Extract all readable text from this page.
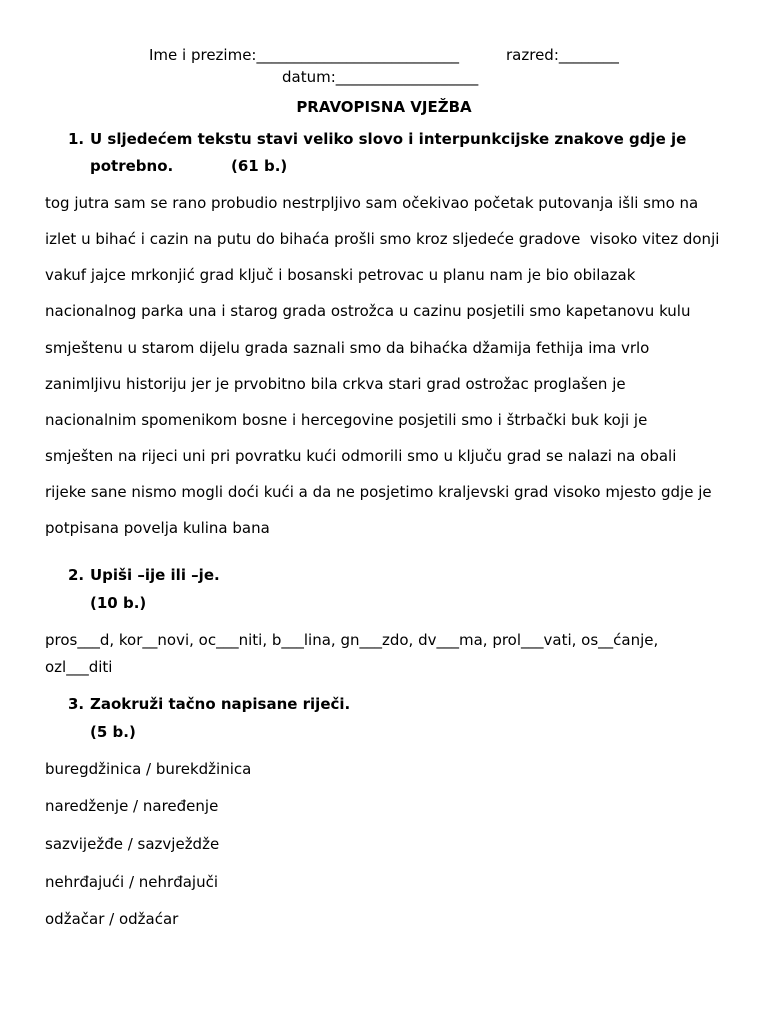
Ime i prezime:___________________________	razred:________
datum:___________________
PRAVOPISNA VJEŽBA
1. U sljedećem tekstu stavi veliko slovo i interpunkcijske znakove gdje je
potrebno.	(61 b.)
tog jutra sam se rano probudio nestrpljivo sam očekivao početak putovanja išli smo na
izlet u bihać i cazin na putu do bihaća prošli smo kroz sljedeće gradove  visoko vitez donji
vakuf jajce mrkonjić grad ključ i bosanski petrovac u planu nam je bio obilazak
nacionalnog parka una i starog grada ostrožca u cazinu posjetili smo kapetanovu kulu
smještenu u starom dijelu grada saznali smo da bihaćka džamija fethija ima vrlo
zanimljivu historiju jer je prvobitno bila crkva stari grad ostrožac proglašen je
nacionalnim spomenikom bosne i hercegovine posjetili smo i štrbački buk koji je
smješten na rijeci uni pri povratku kući odmorili smo u ključu grad se nalazi na obali
rijeke sane nismo mogli doći kući a da ne posjetimo kraljevski grad visoko mjesto gdje je
potpisana povelja kulina bana
2. Upiši –ije ili –je.
(10 b.)
pros___d, kor__novi, oc___niti, b___lina, gn___zdo, dv___ma, prol___vati, os__ćanje,
ozl___diti
3. Zaokruži tačno napisane riječi.
(5 b.)
buregdžinica / burekdžinica
naredženje / naređenje
sazviježđe / sazvježdže
nehrđajući / nehrđajuči
odžačar / odžaćar
